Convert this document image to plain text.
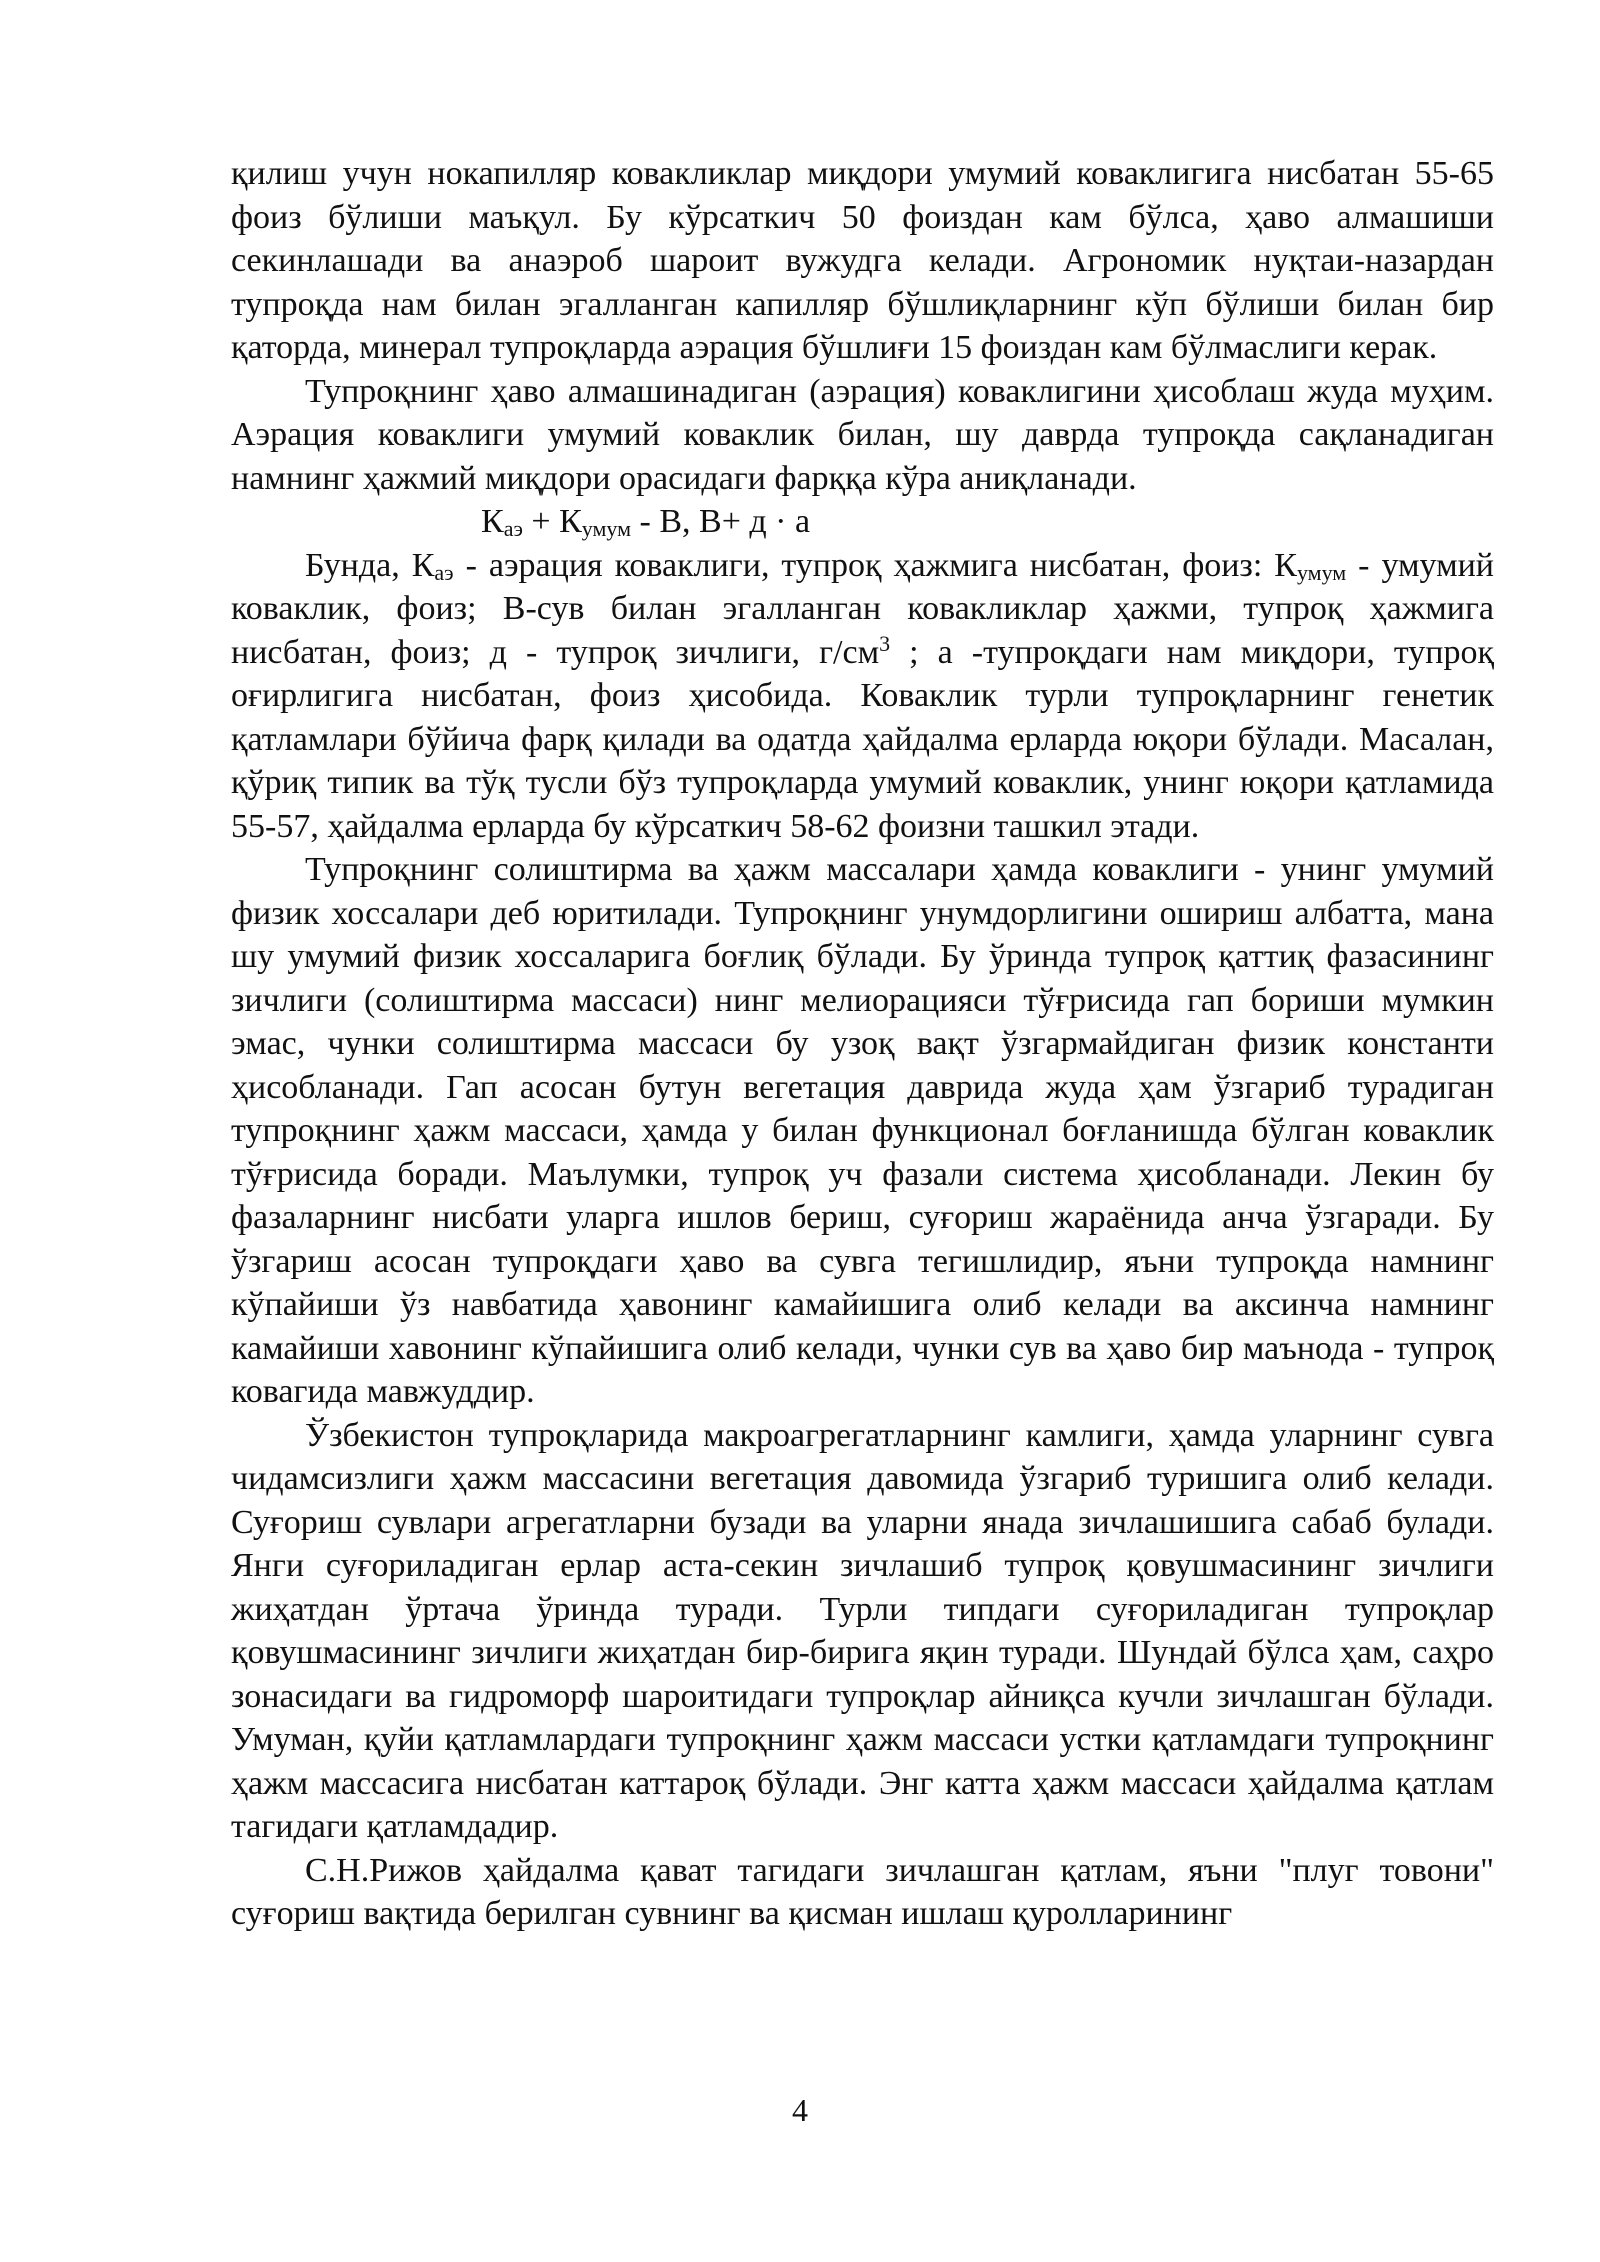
қилиш учун нокапилляр ковакликлар миқдори умумий коваклигига нисбатан 55-65 фоиз бўлиши маъқул. Бу кўрсаткич 50 фоиздан кам бўлса, ҳаво алмашиши секинлашади ва анаэроб шароит вужудга келади. Агрономик нуқтаи-назардан тупроқда нам билан эгалланган капилляр бўшлиқларнинг кўп бўлиши билан бир қаторда, минерал тупроқларда аэрация бўшлиғи 15 фоиздан кам бўлмаслиги керак.

Тупроқнинг ҳаво алмашинадиган (аэрация) коваклигини ҳисоблаш жуда муҳим. Аэрация коваклиги умумий коваклик билан, шу даврда тупроқда сақланадиган намнинг ҳажмий миқдори орасидаги фарққа кўра аниқланади.

$К_{аэ} + К_{умум} - В$, В+ д · а

Бунда, $К_{аэ}$ - аэрация коваклиги, тупроқ ҳажмига нисбатан, фоиз: $К_{умум}$ - умумий коваклик, фоиз; В-сув билан эгалланган ковакликлар ҳажми, тупроқ ҳажмига нисбатан, фоиз; д - тупроқ зичлиги, $г/см^3$ ; а -тупроқдаги нам миқдори, тупроқ оғирлигига нисбатан, фоиз ҳисобида. Коваклик турли тупроқларнинг генетик қатламлари бўйича фарқ қилади ва одатда ҳайдалма ерларда юқори бўлади. Масалан, қўриқ типик ва тўқ тусли бўз тупроқларда умумий коваклик, унинг юқори қатламида 55-57, ҳайдалма ерларда бу кўрсаткич 58-62 фоизни ташкил этади.

Тупроқнинг солиштирма ва ҳажм массалари ҳамда коваклиги - унинг умумий физик хоссалари деб юритилади. Тупроқнинг унумдорлигини ошириш албатта, мана шу умумий физик хоссаларига боғлиқ бўлади. Бу ўринда тупроқ қаттиқ фазасининг зичлиги (солиштирма массаси) нинг мелиорацияси тўғрисида гап бориши мумкин эмас, чунки солиштирма массаси бу узоқ вақт ўзгармайдиган физик константи ҳисобланади. Гап асосан бутун вегетация даврида жуда ҳам ўзгариб турадиган тупроқнинг ҳажм массаси, ҳамда у билан функционал боғланишда бўлган коваклик тўғрисида боради. Маълумки, тупроқ уч фазали система ҳисобланади. Лекин бу фазаларнинг нисбати уларга ишлов бериш, суғориш жараёнида анча ўзгаради. Бу ўзгариш асосан тупроқдаги ҳаво ва сувга тегишлидир, яъни тупроқда намнинг кўпайиши ўз навбатида ҳавонинг камайишига олиб келади ва аксинча намнинг камайиши хавонинг кўпайишига олиб келади, чунки сув ва ҳаво бир маънода - тупроқ ковагида мавжуддир.

Ўзбекистон тупроқларида макроагрегатларнинг камлиги, ҳамда уларнинг сувга чидамсизлиги ҳажм массасини вегетация давомида ўзгариб туришига олиб келади. Суғориш сувлари агрегатларни бузади ва уларни янада зичлашишига сабаб булади. Янги суғориладиган ерлар аста-секин зичлашиб тупроқ қовушмасининг зичлиги жиҳатдан ўртача ўринда туради. Турли типдаги суғориладиган тупроқлар қовушмасининг зичлиги жиҳатдан бир-бирига яқин туради. Шундай бўлса ҳам, саҳро зонасидаги ва гидроморф шароитидаги тупроқлар айниқса кучли зичлашган бўлади. Умуман, қуйи қатламлардаги тупроқнинг ҳажм массаси устки қатламдаги тупроқнинг ҳажм массасига нисбатан каттароқ бўлади. Энг катта ҳажм массаси ҳайдалма қатлам тагидаги қатламдадир.

С.Н.Рижов ҳайдалма қават тагидаги зичлашган қатлам, яъни "плуг товони" суғориш вақтида берилган сувнинг ва қисман ишлаш қуролларининг

4
